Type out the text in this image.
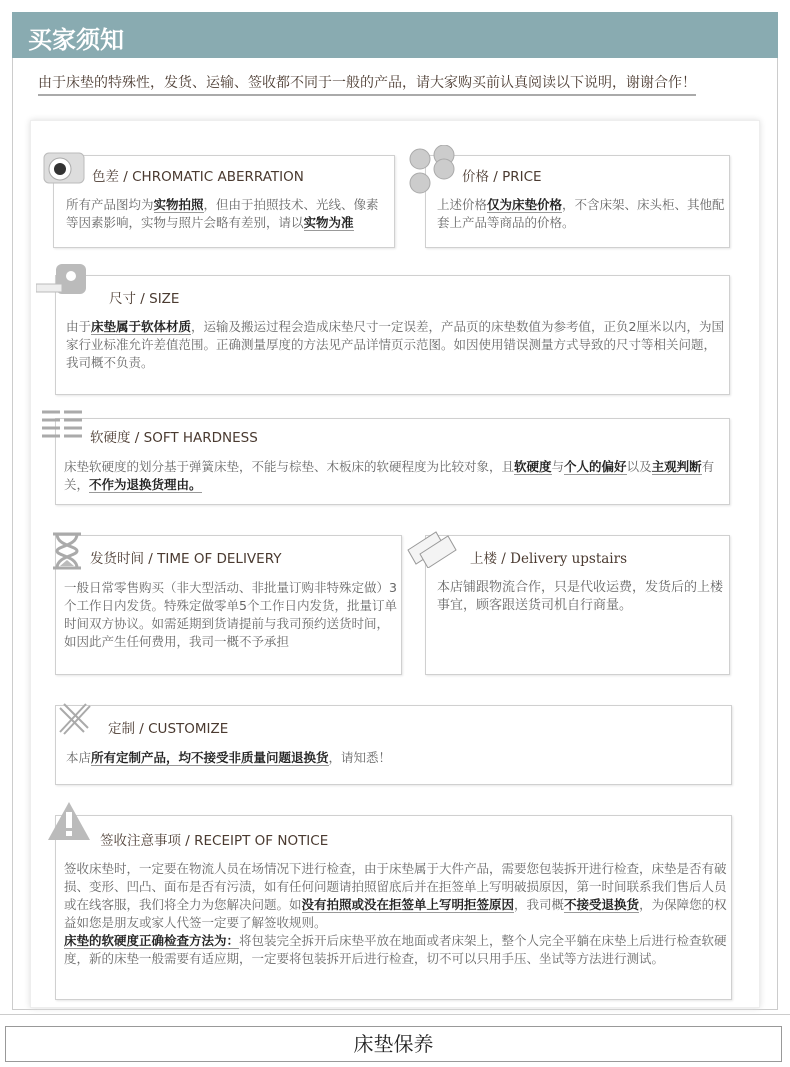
买家须知
由于床垫的特殊性，发货、运输、签收都不同于一般的产品，请大家购买前认真阅读以下说明，谢谢合作！
色差 / CHROMATIC ABERRATION
所有产品图均为实物拍照，但由于拍照技术、光线、像素等因素影响，实物与照片会略有差别，请以实物为准
价格 / PRICE
上述价格仅为床垫价格，不含床架、床头柜、其他配套上产品等商品的价格。
尺寸 / SIZE
由于床垫属于软体材质，运输及搬运过程会造成床垫尺寸一定误差，产品页的床垫数值为参考值，正负2厘米以内，为国家行业标准允许差值范围。正确测量厚度的方法见产品详情页示范图。如因使用错误测量方式导致的尺寸等相关问题，我司概不负责。
软硬度 / SOFT HARDNESS
床垫软硬度的划分基于弹簧床垫，不能与棕垫、木板床的软硬程度为比较对象，且软硬度与个人的偏好以及主观判断有关，不作为退换货理由。
发货时间 / TIME OF DELIVERY
一般日常零售购买（非大型活动、非批量订购非特殊定做）3个工作日内发货。特殊定做零单5个工作日内发货，批量订单时间双方协议。如需延期到货请提前与我司预约送货时间，如因此产生任何费用，我司一概不予承担
上楼 / Delivery upstairs
本店铺跟物流合作，只是代收运费，发货后的上楼事宜，顾客跟送货司机自行商量。
定制 / CUSTOMIZE
本店所有定制产品，均不接受非质量问题退换货，请知悉！
签收注意事项 / RECEIPT OF NOTICE
签收床垫时，一定要在物流人员在场情况下进行检查，由于床垫属于大件产品，需要您包装拆开进行检查，床垫是否有破损、变形、凹凸、面布是否有污渍，如有任何问题请拍照留底后并在拒签单上写明破损原因，第一时间联系我们售后人员或在线客服，我们将全力为您解决问题。如没有拍照或没在拒签单上写明拒签原因，我司概不接受退换货，为保障您的权益如您是朋友或家人代签一定要了解签收规则。
床垫的软硬度正确检查方法为：将包装完全拆开后床垫平放在地面或者床架上，整个人完全平躺在床垫上后进行检查软硬度，新的床垫一般需要有适应期，一定要将包装拆开后进行检查，切不可以只用手压、坐试等方法进行测试。
床垫保养
